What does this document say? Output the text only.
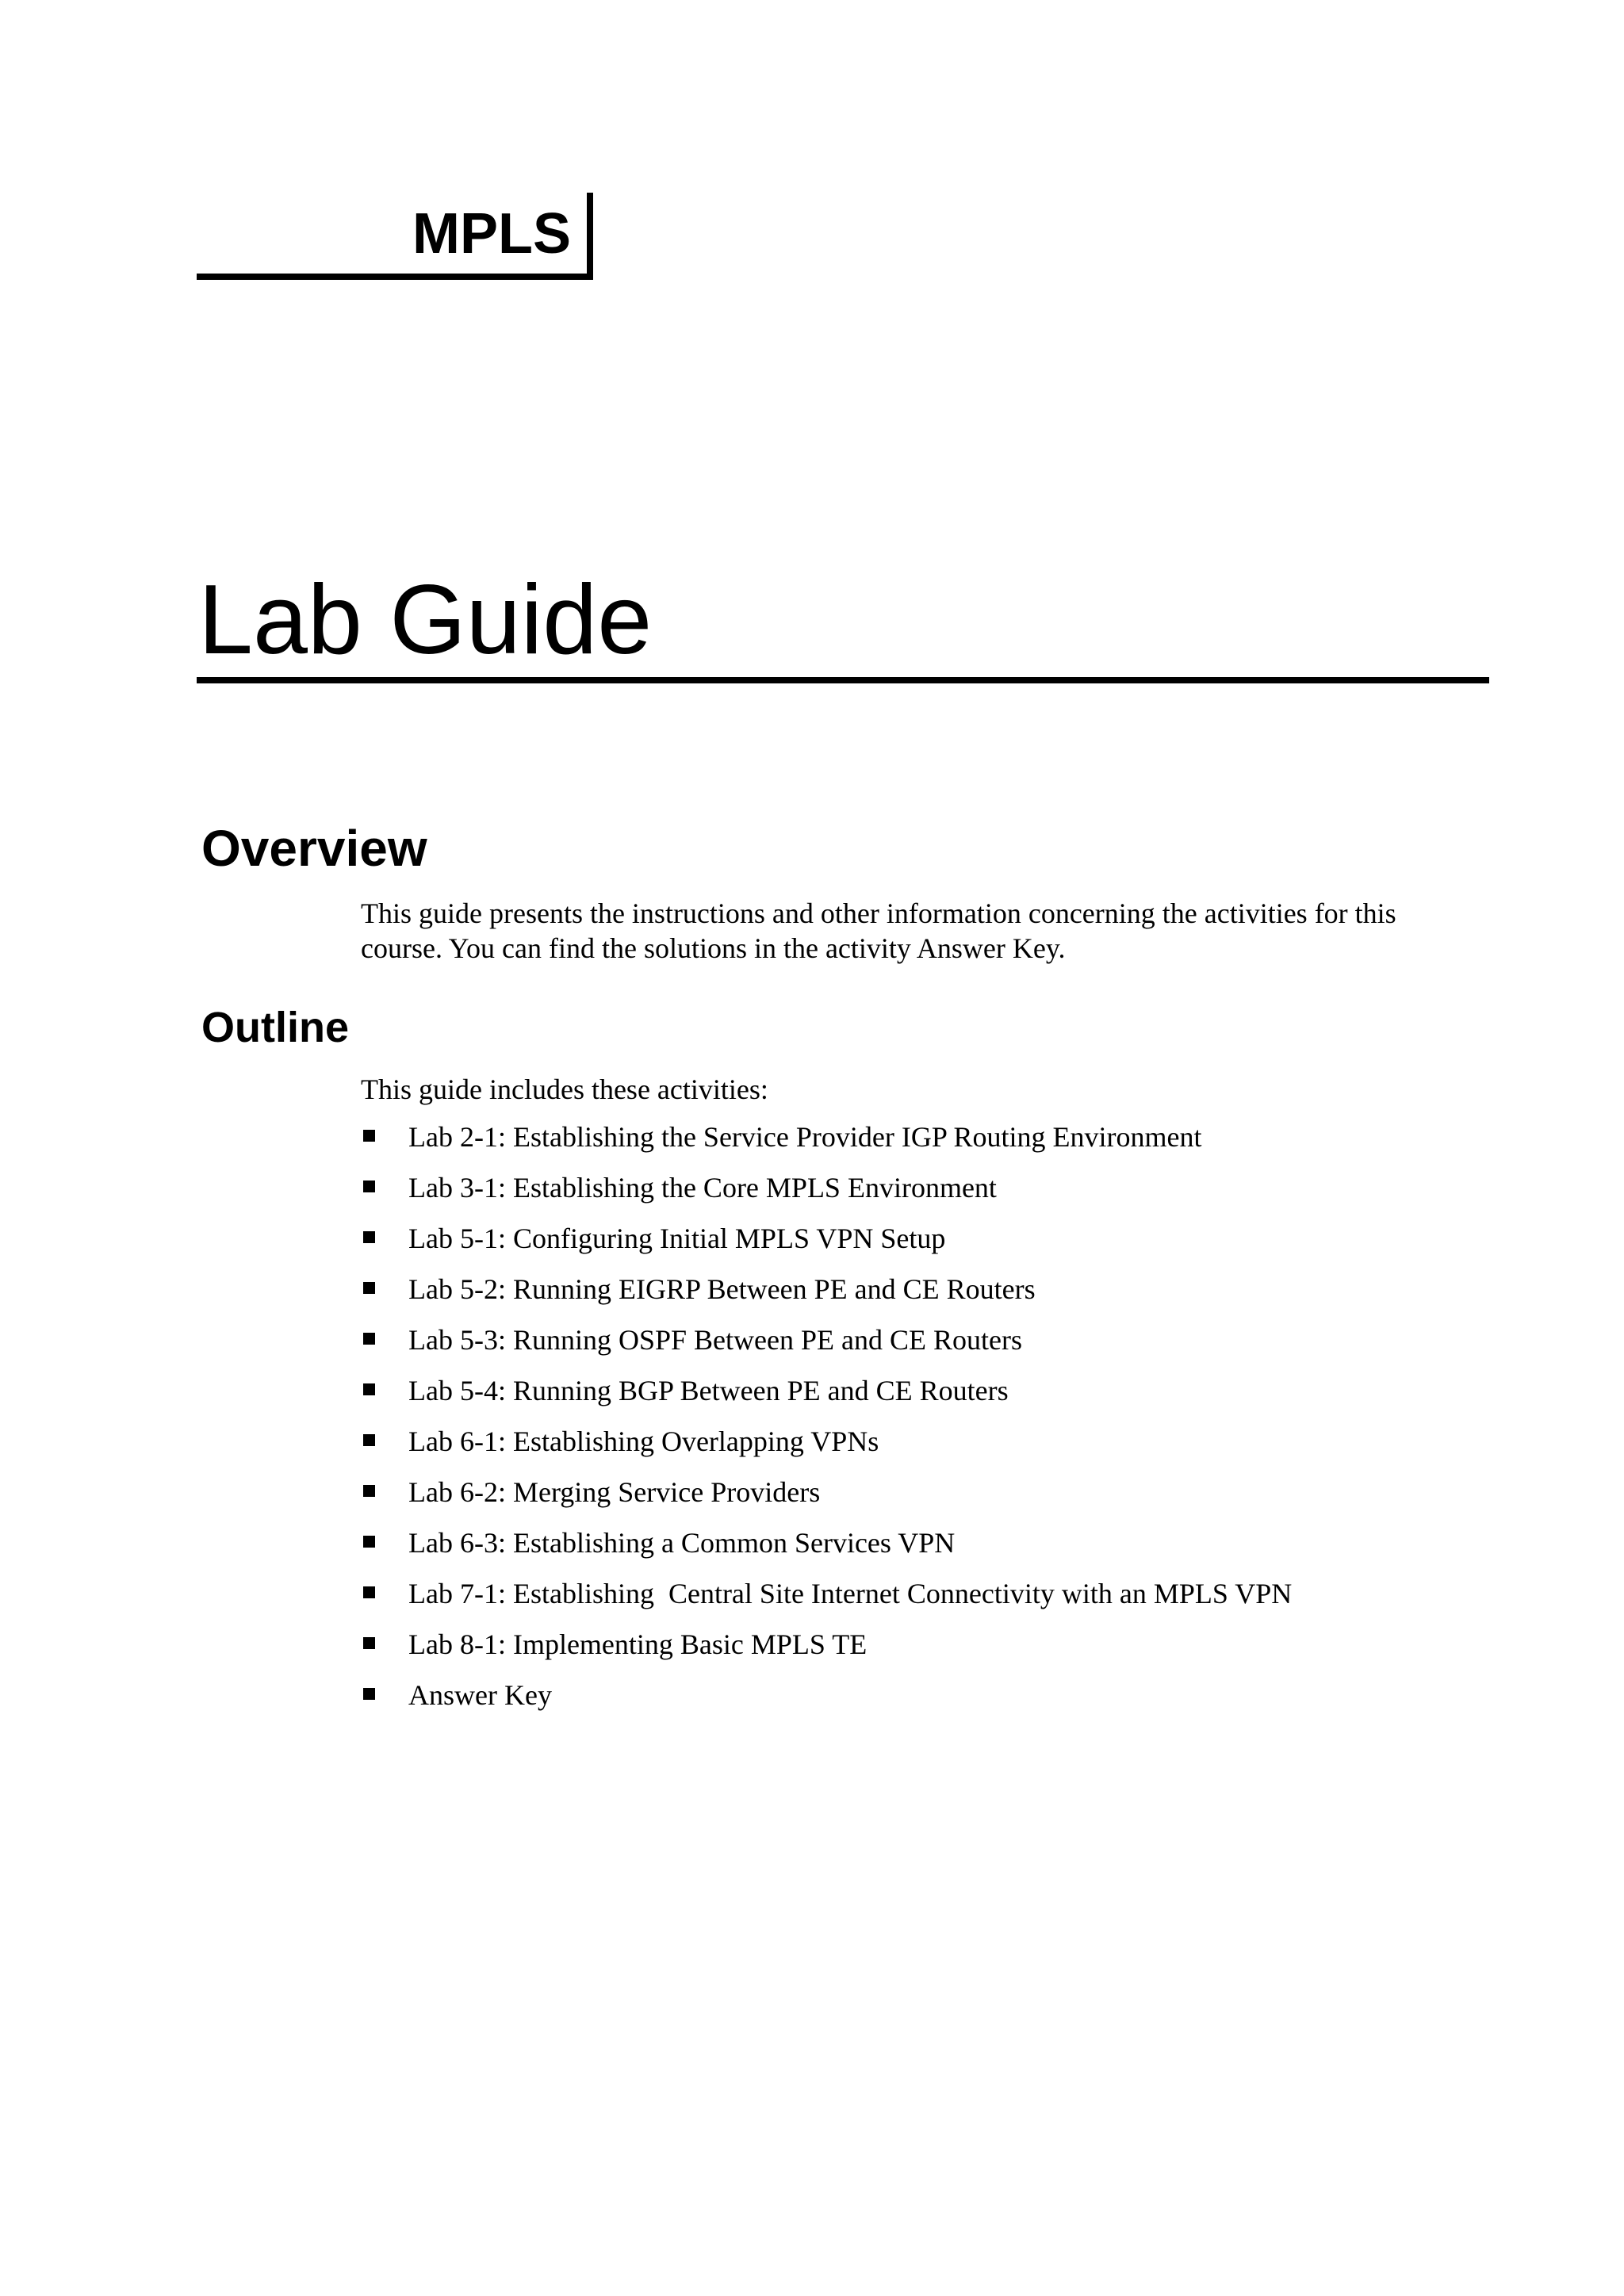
MPLS
Lab Guide
Overview

This guide presents the instructions and other information concerning the activities for this
course. You can find the solutions in the activity Answer Key.

Outline

This guide includes these activities:

Lab 2-1: Establishing the Service Provider IGP Routing Environment
Lab 3-1: Establishing the Core MPLS Environment
Lab 5-1: Configuring Initial MPLS VPN Setup
Lab 5-2: Running EIGRP Between PE and CE Routers
Lab 5-3: Running OSPF Between PE and CE Routers
Lab 5-4: Running BGP Between PE and CE Routers
Lab 6-1: Establishing Overlapping VPNs
Lab 6-2: Merging Service Providers
Lab 6-3: Establishing a Common Services VPN
Lab 7-1: Establishing  Central Site Internet Connectivity with an MPLS VPN
Lab 8-1: Implementing Basic MPLS TE
Answer Key
